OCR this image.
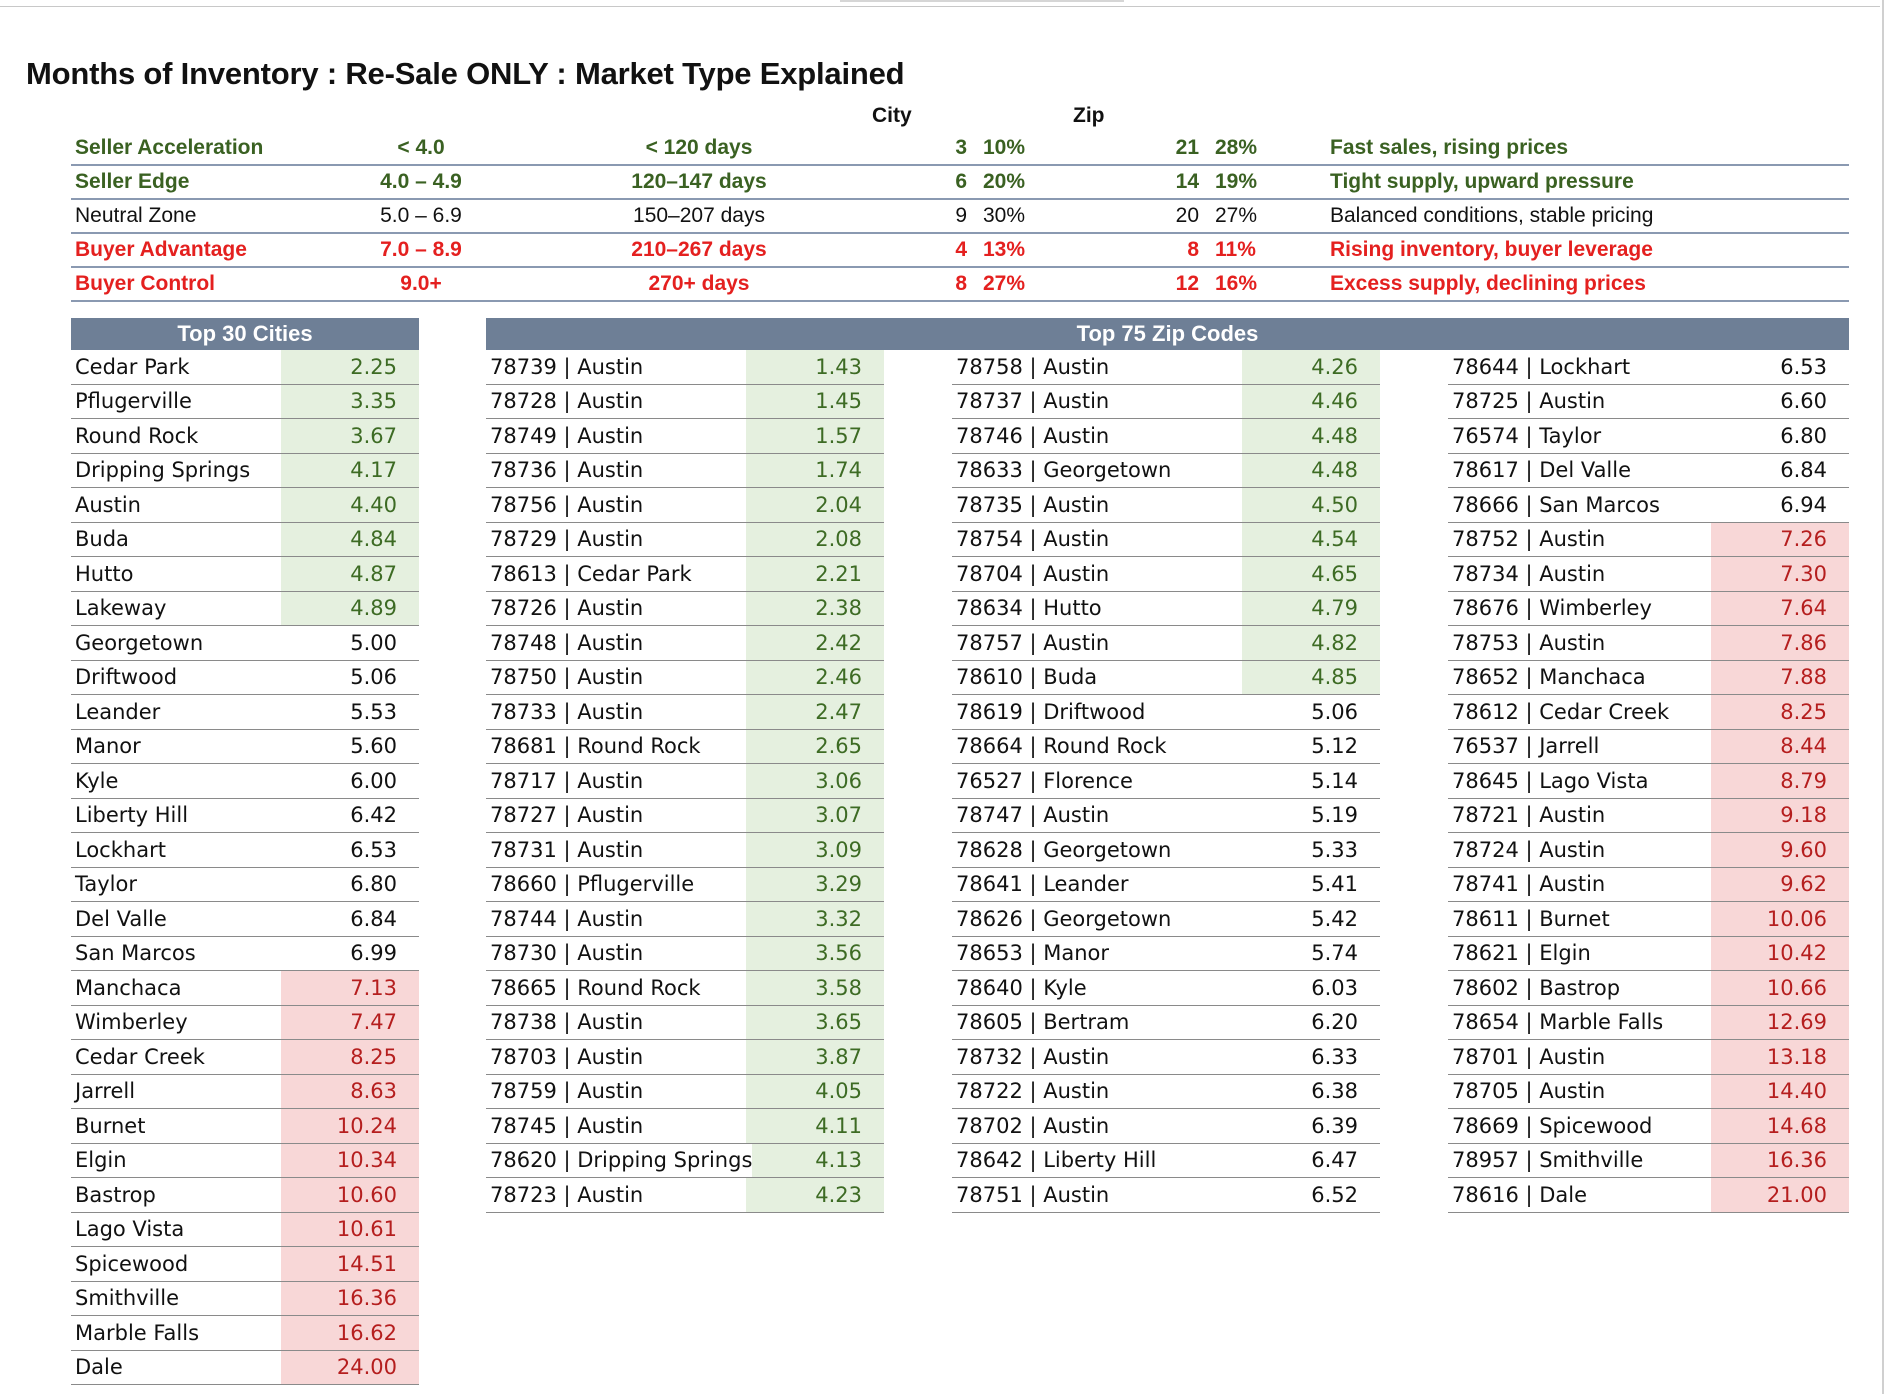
Months of Inventory : Re-Sale ONLY : Market Type Explained
City	Zip
Seller Acceleration	< 4.0	< 120 days	3	10%	21	28%	Fast sales, rising prices
Seller Edge	4.0 – 4.9	120–147 days	6	20%	14	19%	Tight supply, upward pressure
Neutral Zone	5.0 – 6.9	150–207 days	9	30%	20	27%	Balanced conditions, stable pricing
Buyer Advantage	7.0 – 8.9	210–267 days	4	13%	8	11%	Rising inventory, buyer leverage
Buyer Control	9.0+	270+ days	8	27%	12	16%	Excess supply, declining prices
Top 30 Cities
Cedar Park	2.25
Pflugerville	3.35
Round Rock	3.67
Dripping Springs	4.17
Austin	4.40
Buda	4.84
Hutto	4.87
Lakeway	4.89
Georgetown	5.00
Driftwood	5.06
Leander	5.53
Manor	5.60
Kyle	6.00
Liberty Hill	6.42
Lockhart	6.53
Taylor	6.80
Del Valle	6.84
San Marcos	6.99
Manchaca	7.13
Wimberley	7.47
Cedar Creek	8.25
Jarrell	8.63
Burnet	10.24
Elgin	10.34
Bastrop	10.60
Lago Vista	10.61
Spicewood	14.51
Smithville	16.36
Marble Falls	16.62
Dale	24.00
Top 75 Zip Codes
78739 | Austin	1.43
78728 | Austin	1.45
78749 | Austin	1.57
78736 | Austin	1.74
78756 | Austin	2.04
78729 | Austin	2.08
78613 | Cedar Park	2.21
78726 | Austin	2.38
78748 | Austin	2.42
78750 | Austin	2.46
78733 | Austin	2.47
78681 | Round Rock	2.65
78717 | Austin	3.06
78727 | Austin	3.07
78731 | Austin	3.09
78660 | Pflugerville	3.29
78744 | Austin	3.32
78730 | Austin	3.56
78665 | Round Rock	3.58
78738 | Austin	3.65
78703 | Austin	3.87
78759 | Austin	4.05
78745 | Austin	4.11
78620 | Dripping Springs	4.13
78723 | Austin	4.23
78758 | Austin	4.26
78737 | Austin	4.46
78746 | Austin	4.48
78633 | Georgetown	4.48
78735 | Austin	4.50
78754 | Austin	4.54
78704 | Austin	4.65
78634 | Hutto	4.79
78757 | Austin	4.82
78610 | Buda	4.85
78619 | Driftwood	5.06
78664 | Round Rock	5.12
76527 | Florence	5.14
78747 | Austin	5.19
78628 | Georgetown	5.33
78641 | Leander	5.41
78626 | Georgetown	5.42
78653 | Manor	5.74
78640 | Kyle	6.03
78605 | Bertram	6.20
78732 | Austin	6.33
78722 | Austin	6.38
78702 | Austin	6.39
78642 | Liberty Hill	6.47
78751 | Austin	6.52
78644 | Lockhart	6.53
78725 | Austin	6.60
76574 | Taylor	6.80
78617 | Del Valle	6.84
78666 | San Marcos	6.94
78752 | Austin	7.26
78734 | Austin	7.30
78676 | Wimberley	7.64
78753 | Austin	7.86
78652 | Manchaca	7.88
78612 | Cedar Creek	8.25
76537 | Jarrell	8.44
78645 | Lago Vista	8.79
78721 | Austin	9.18
78724 | Austin	9.60
78741 | Austin	9.62
78611 | Burnet	10.06
78621 | Elgin	10.42
78602 | Bastrop	10.66
78654 | Marble Falls	12.69
78701 | Austin	13.18
78705 | Austin	14.40
78669 | Spicewood	14.68
78957 | Smithville	16.36
78616 | Dale	21.00
